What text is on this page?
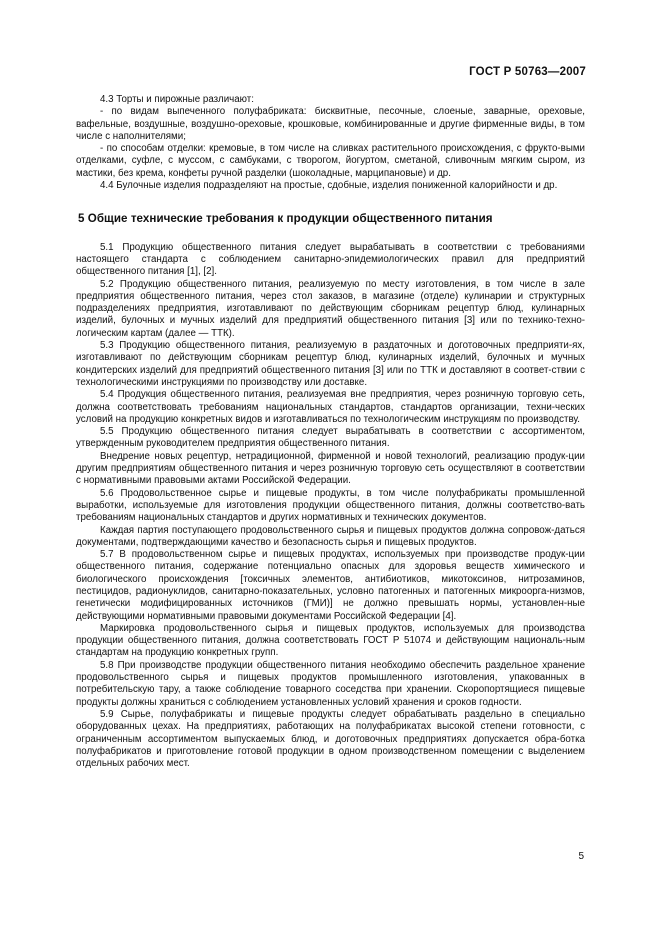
ГОСТ Р 50763—2007

4.3 Торты и пирожные различают:

- по видам выпеченного полуфабриката: бисквитные, песочные, слоеные, заварные, ореховые, вафельные, воздушные, воздушно-ореховые, крошковые, комбинированные и другие фирменные виды, в том числе с наполнителями;

- по способам отделки: кремовые, в том числе на сливках растительного происхождения, с фрукто-выми отделками, суфле, с муссом, с самбуками, с творогом, йогуртом, сметаной, сливочным мягким сыром, из мастики, без крема, конфеты ручной разделки (шоколадные, марципановые) и др.

4.4 Булочные изделия подразделяют на простые, сдобные, изделия пониженной калорийности и др.

5 Общие технические требования к продукции общественного питания

5.1 Продукцию общественного питания следует вырабатывать в соответствии с требованиями настоящего стандарта с соблюдением санитарно-эпидемиологических правил для предприятий общественного питания [1], [2].

5.2 Продукцию общественного питания, реализуемую по месту изготовления, в том числе в зале предприятия общественного питания, через стол заказов, в магазине (отделе) кулинарии и структурных подразделениях предприятия, изготавливают по действующим сборникам рецептур блюд, кулинарных изделий, булочных и мучных изделий для предприятий общественного питания [3] или по технико-техно-логическим картам (далее — ТТК).

5.3 Продукцию общественного питания, реализуемую в раздаточных и доготовочных предприяти-ях, изготавливают по действующим сборникам рецептур блюд, кулинарных изделий, булочных и мучных кондитерских изделий для предприятий общественного питания [3] или по ТТК и доставляют в соответ-ствии с технологическими инструкциями по производству или доставке.

5.4 Продукция общественного питания, реализуемая вне предприятия, через розничную торговую сеть, должна соответствовать требованиям национальных стандартов, стандартов организации, техни-ческих условий на продукцию конкретных видов и изготавливаться по технологическим инструкциям по производству.

5.5 Продукцию общественного питания следует вырабатывать в соответствии с ассортиментом, утвержденным руководителем предприятия общественного питания.

Внедрение новых рецептур, нетрадиционной, фирменной и новой технологий, реализацию продук-ции другим предприятиям общественного питания и через розничную торговую сеть осуществляют в соответствии с нормативными правовыми актами Российской Федерации.

5.6 Продовольственное сырье и пищевые продукты, в том числе полуфабрикаты промышленной выработки, используемые для изготовления продукции общественного питания, должны соответство-вать требованиям национальных стандартов и других нормативных и технических документов.

Каждая партия поступающего продовольственного сырья и пищевых продуктов должна сопровож-даться документами, подтверждающими качество и безопасность сырья и пищевых продуктов.

5.7 В продовольственном сырье и пищевых продуктах, используемых при производстве продук-ции общественного питания, содержание потенциально опасных для здоровья веществ химического и биологического происхождения [токсичных элементов, антибиотиков, микотоксинов, нитрозаминов, пестицидов, радионуклидов, санитарно-показательных, условно патогенных и патогенных микроорга-низмов, генетически модифицированных источников (ГМИ)] не должно превышать нормы, установлен-ные действующими нормативными правовыми документами Российской Федерации [4].

Маркировка продовольственного сырья и пищевых продуктов, используемых для производства продукции общественного питания, должна соответствовать ГОСТ Р 51074 и действующим националь-ным стандартам на продукцию конкретных групп.

5.8 При производстве продукции общественного питания необходимо обеспечить раздельное хранение продовольственного сырья и пищевых продуктов промышленного изготовления, упакованных в потребительскую тару, а также соблюдение товарного соседства при хранении. Скоропортящиеся пищевые продукты должны храниться с соблюдением установленных условий хранения и сроков годности.

5.9 Сырье, полуфабрикаты и пищевые продукты следует обрабатывать раздельно в специально оборудованных цехах. На предприятиях, работающих на полуфабрикатах высокой степени готовности, с ограниченным ассортиментом выпускаемых блюд, и доготовочных предприятиях допускается обра-ботка полуфабрикатов и приготовление готовой продукции в одном производственном помещении с выделением отдельных рабочих мест.

5
